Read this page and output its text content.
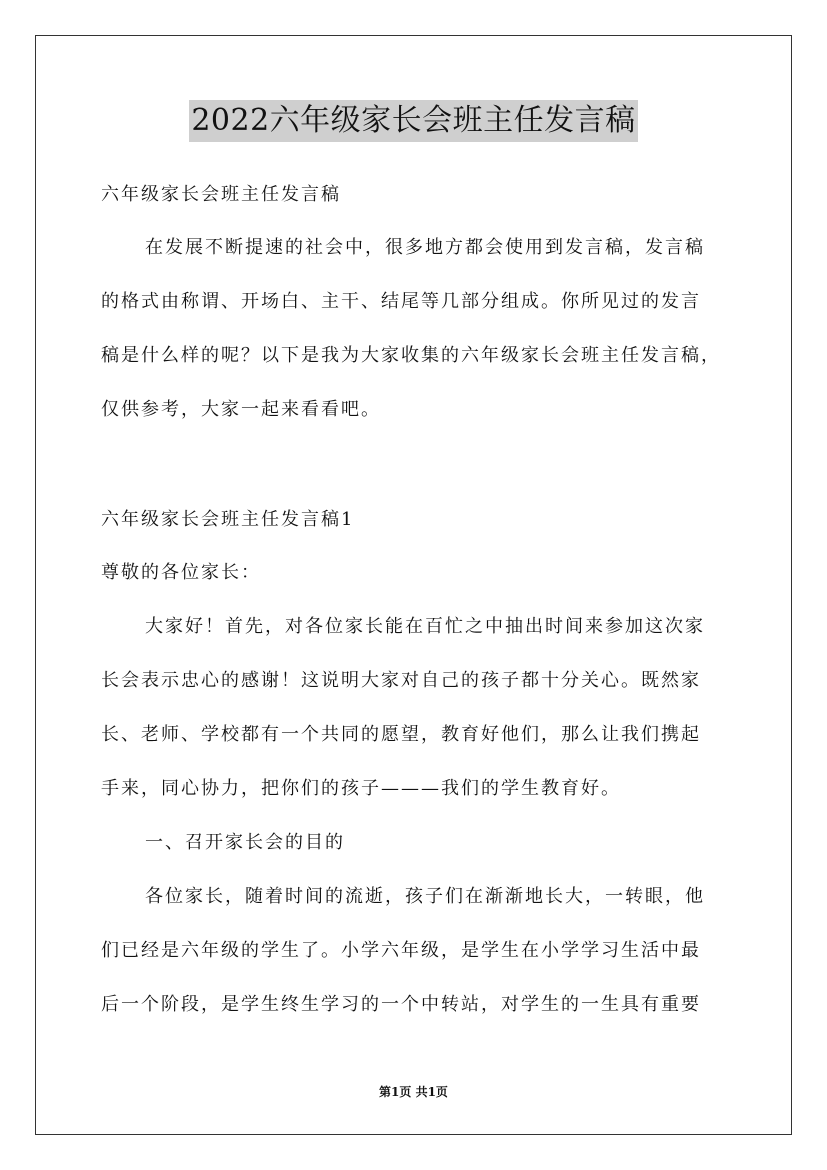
2022六年级家长会班主任发言稿
六年级家长会班主任发言稿
在发展不断提速的社会中，很多地方都会使用到发言稿，发言稿
的格式由称谓、开场白、主干、结尾等几部分组成。你所见过的发言
稿是什么样的呢？以下是我为大家收集的六年级家长会班主任发言稿，
仅供参考，大家一起来看看吧。
六年级家长会班主任发言稿1
尊敬的各位家长：
大家好！首先，对各位家长能在百忙之中抽出时间来参加这次家
长会表示忠心的感谢！这说明大家对自己的孩子都十分关心。既然家
长、老师、学校都有一个共同的愿望，教育好他们，那么让我们携起
手来，同心协力，把你们的孩子———我们的学生教育好。
一、召开家长会的目的
各位家长，随着时间的流逝，孩子们在渐渐地长大，一转眼，他
们已经是六年级的学生了。小学六年级，是学生在小学学习生活中最
后一个阶段，是学生终生学习的一个中转站，对学生的一生具有重要
第1页 共1页
